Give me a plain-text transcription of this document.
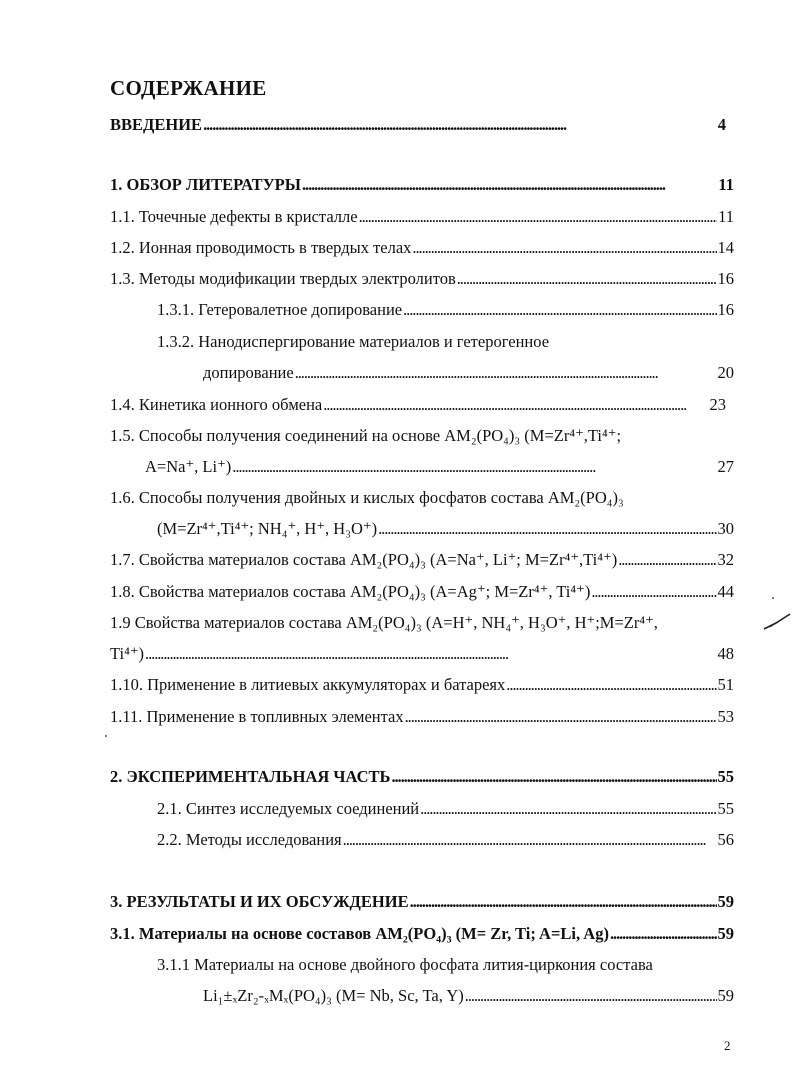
СОДЕРЖАНИЕ
ВВЕДЕНИЕ . . .	4
1. ОБЗОР ЛИТЕРАТУРЫ . . .	11
1.1. Точечные дефекты в кристалле . . .	11
1.2. Ионная проводимость в твердых телах . . .	14
1.3. Методы модификации твердых электролитов . . .	16
1.3.1. Гетеровалетное допирование . . .	16
1.3.2. Нанодиспергирование материалов и гетерогенное
допирование . . .	20
1.4. Кинетика ионного обмена . . .	23
1.5. Способы получения соединений на основе AM₂(PO₄)₃ (M=Zr⁴⁺,Ti⁴⁺;
A=Na⁺, Li⁺) . . .	27
1.6. Способы получения двойных и кислых фосфатов состава AM₂(PO₄)₃
(M=Zr⁴⁺,Ti⁴⁺; NH₄⁺, H⁺, H₃O⁺) . . .	30
1.7. Свойства материалов состава AM₂(PO₄)₃ (A=Na⁺, Li⁺; M=Zr⁴⁺,Ti⁴⁺) . . .	32
1.8. Свойства материалов состава AM₂(PO₄)₃ (A=Ag⁺; M=Zr⁴⁺, Ti⁴⁺) . . .	44
1.9 Свойства материалов состава AM₂(PO₄)₃ (A=H⁺, NH₄⁺, H₃O⁺, H⁺;M=Zr⁴⁺,
Ti⁴⁺) . . .	48
1.10. Применение в литиевых аккумуляторах и батареях . . .	51
1.11. Применение в топливных элементах . . .	53
2. ЭКСПЕРИМЕНТАЛЬНАЯ ЧАСТЬ . . .	55
2.1. Синтез исследуемых соединений . . .	55
2.2. Методы исследования . . .	56
3. РЕЗУЛЬТАТЫ И ИХ ОБСУЖДЕНИЕ . . .	59
3.1. Материалы на основе составов AM₂(PO₄)₃ (M= Zr, Ti; A=Li, Ag) . . .	59
3.1.1 Материалы на основе двойного фосфата лития-циркония состава
Li₁±ₓZr₂-ₓMₓ(PO₄)₃ (M= Nb, Sc, Ta, Y) . . .	59
2
